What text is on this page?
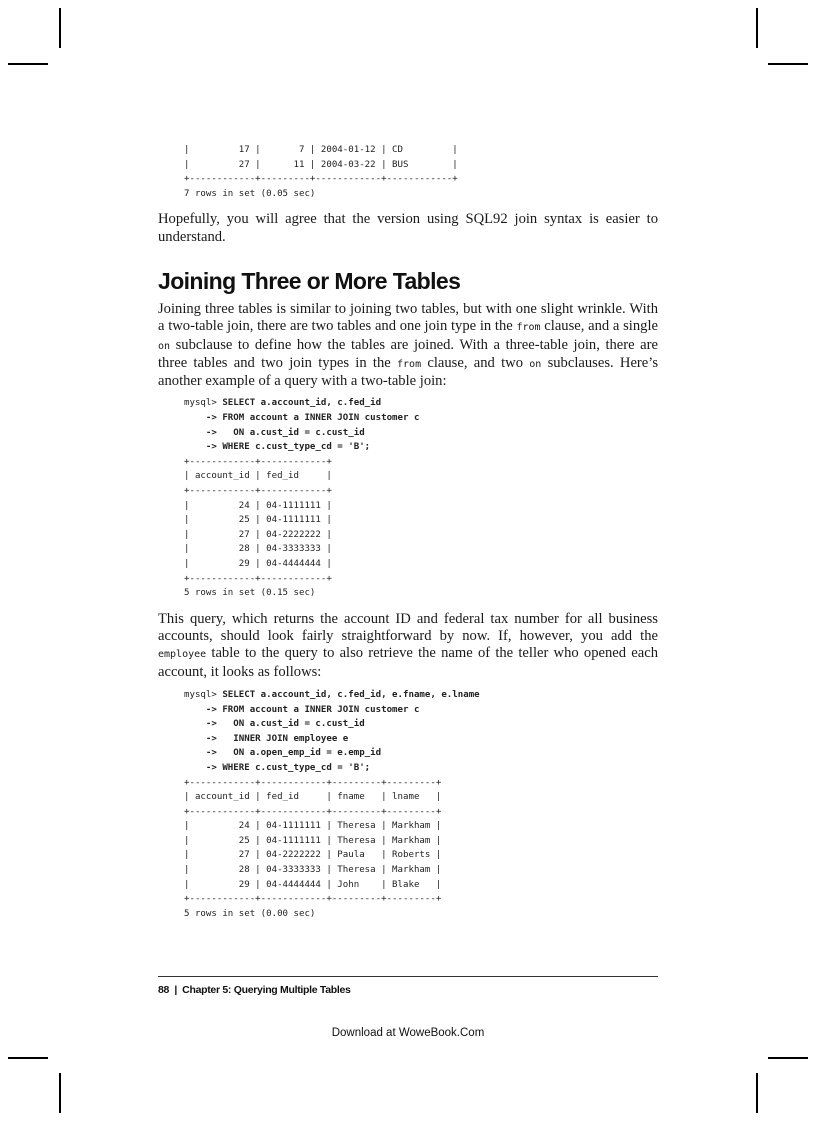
|         17 |       7 | 2004-01-12 | CD         |
|         27 |      11 | 2004-03-22 | BUS        |
+------------+---------+------------+------------+
7 rows in set (0.05 sec)

Hopefully, you will agree that the version using SQL92 join syntax is easier to understand.

Joining Three or More Tables

Joining three tables is similar to joining two tables, but with one slight wrinkle. With a two-table join, there are two tables and one join type in the from clause, and a single on subclause to define how the tables are joined. With a three-table join, there are three tables and two join types in the from clause, and two on subclauses. Here’s another example of a query with a two-table join:

mysql> SELECT a.account_id, c.fed_id
-> FROM account a INNER JOIN customer c
->   ON a.cust_id = c.cust_id
-> WHERE c.cust_type_cd = 'B';
+------------+------------+
| account_id | fed_id     |
+------------+------------+
|         24 | 04-1111111 |
|         25 | 04-1111111 |
|         27 | 04-2222222 |
|         28 | 04-3333333 |
|         29 | 04-4444444 |
+------------+------------+
5 rows in set (0.15 sec)

This query, which returns the account ID and federal tax number for all business accounts, should look fairly straightforward by now. If, however, you add the employee table to the query to also retrieve the name of the teller who opened each account, it looks as follows:

mysql> SELECT a.account_id, c.fed_id, e.fname, e.lname
-> FROM account a INNER JOIN customer c
->   ON a.cust_id = c.cust_id
->   INNER JOIN employee e
->   ON a.open_emp_id = e.emp_id
-> WHERE c.cust_type_cd = 'B';
+------------+------------+---------+---------+
| account_id | fed_id     | fname   | lname   |
+------------+------------+---------+---------+
|         24 | 04-1111111 | Theresa | Markham |
|         25 | 04-1111111 | Theresa | Markham |
|         27 | 04-2222222 | Paula   | Roberts |
|         28 | 04-3333333 | Theresa | Markham |
|         29 | 04-4444444 | John    | Blake   |
+------------+------------+---------+---------+
5 rows in set (0.00 sec)
88  |  Chapter 5: Querying Multiple Tables
Download at WoweBook.Com
